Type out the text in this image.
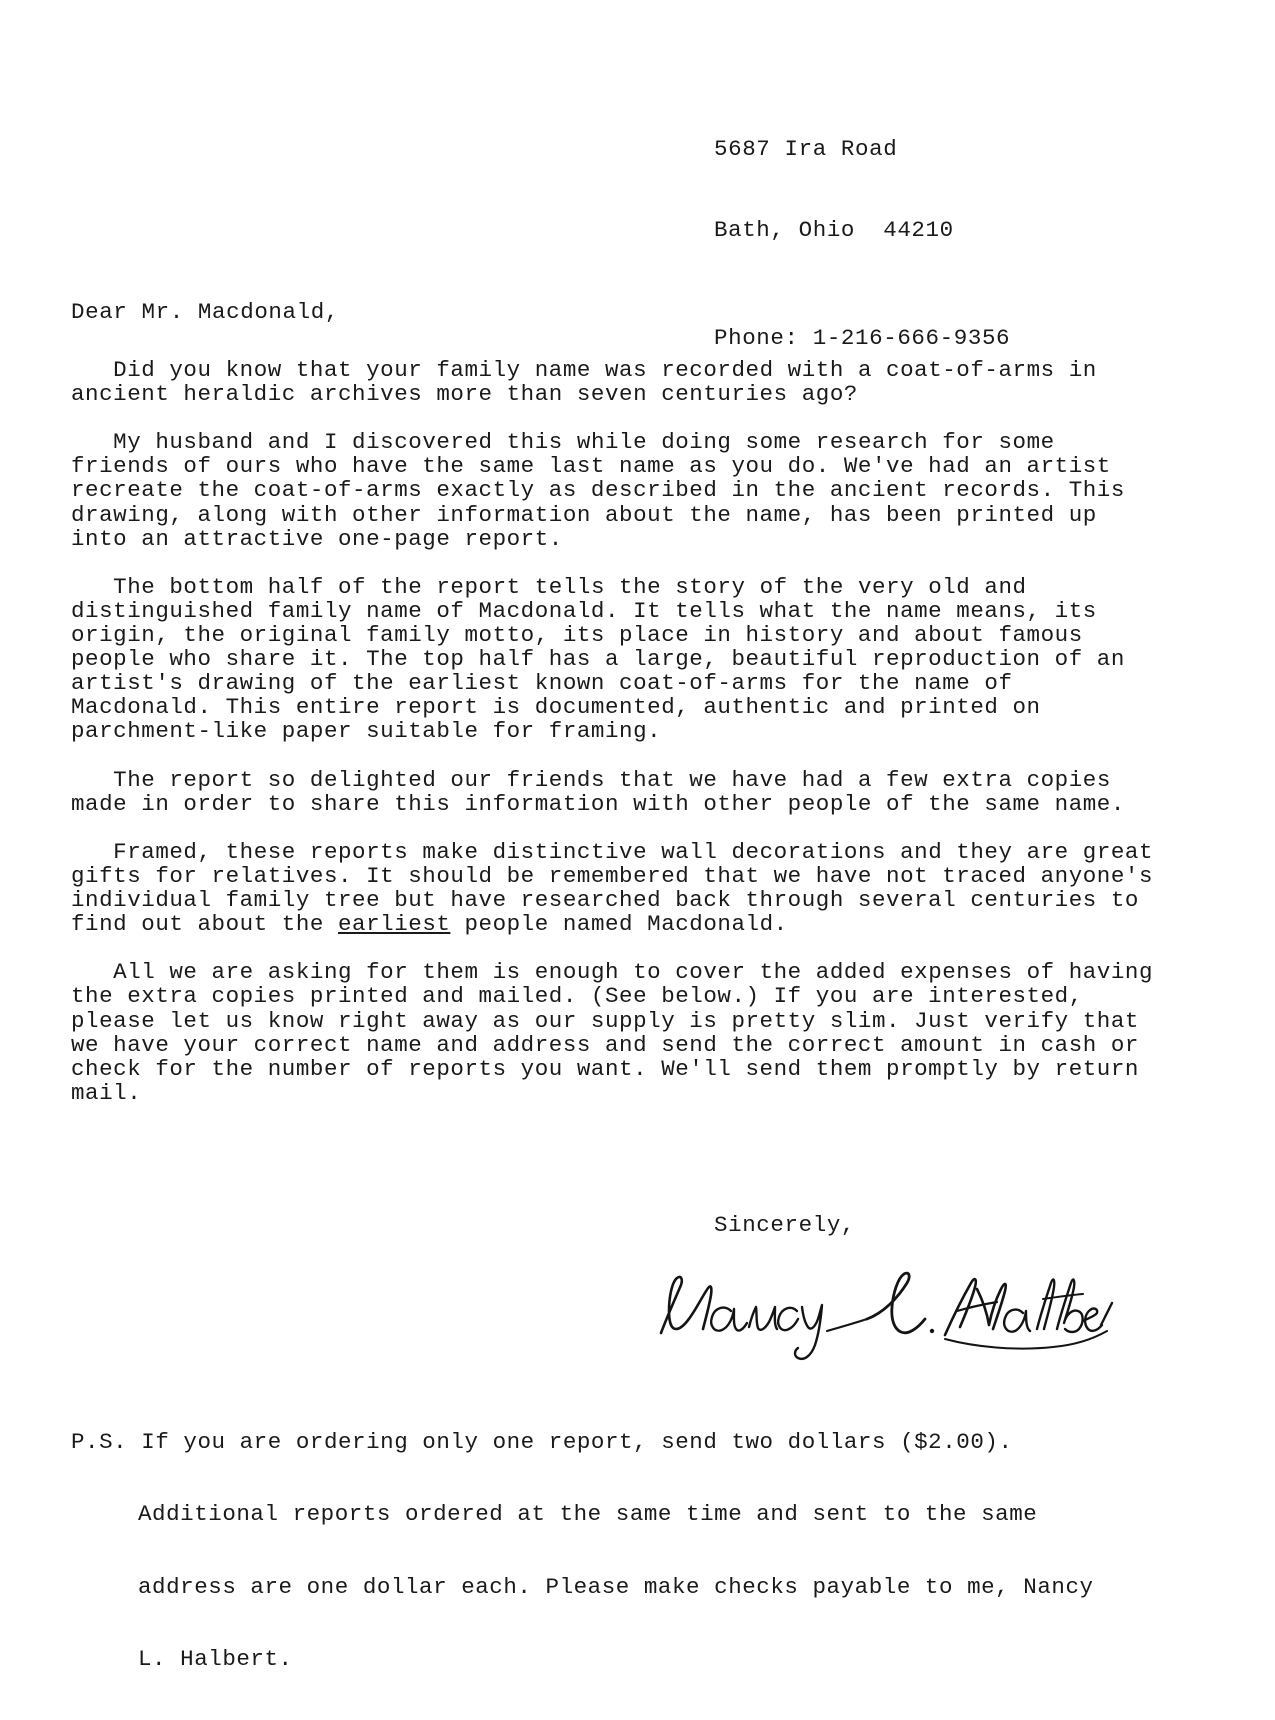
5687 Ira Road

Bath, Ohio  44210

Phone: 1-216-666-9356

Dear Mr. Macdonald,

Did you know that your family name was recorded with a coat-of-arms in ancient heraldic archives more than seven centuries ago?

My husband and I discovered this while doing some research for some friends of ours who have the same last name as you do. We've had an artist recreate the coat-of-arms exactly as described in the ancient records. This drawing, along with other information about the name, has been printed up into an attractive one-page report.

The bottom half of the report tells the story of the very old and distinguished family name of Macdonald. It tells what the name means, its origin, the original family motto, its place in history and about famous people who share it. The top half has a large, beautiful reproduction of an artist's drawing of the earliest known coat-of-arms for the name of Macdonald. This entire report is documented, authentic and printed on parchment-like paper suitable for framing.

The report so delighted our friends that we have had a few extra copies made in order to share this information with other people of the same name.

Framed, these reports make distinctive wall decorations and they are great gifts for relatives. It should be remembered that we have not traced anyone's individual family tree but have researched back through several centuries to find out about the earliest people named Macdonald.

All we are asking for them is enough to cover the added expenses of having the extra copies printed and mailed. (See below.) If you are interested, please let us know right away as our supply is pretty slim. Just verify that we have your correct name and address and send the correct amount in cash or check for the number of reports you want. We'll send them promptly by return mail.

Sincerely,

P.S. If you are ordering only one report, send two dollars ($2.00).

Additional reports ordered at the same time and sent to the same

address are one dollar each. Please make checks payable to me, Nancy

L. Halbert.
